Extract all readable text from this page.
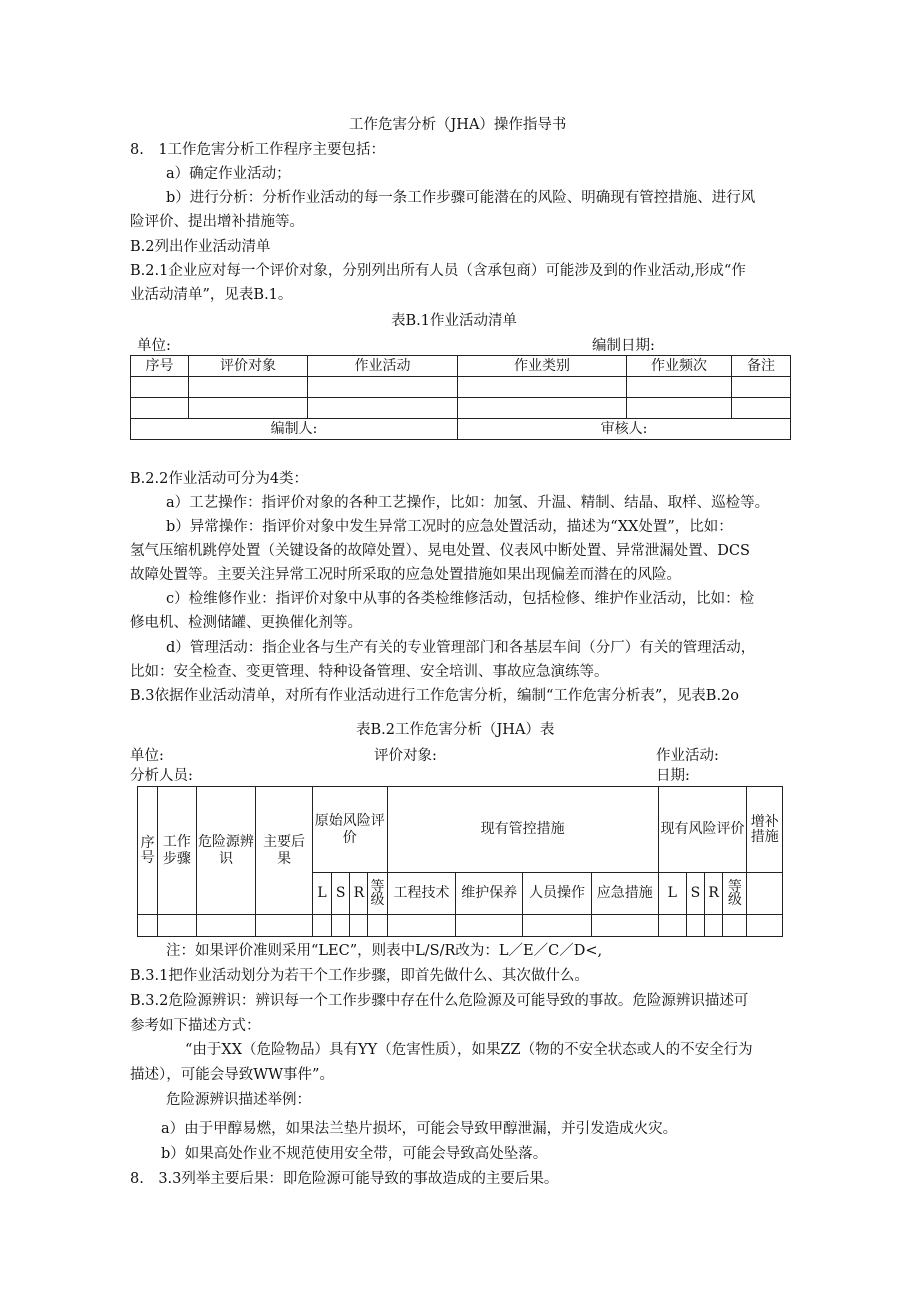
工作危害分析（JHA）操作指导书
8.　1工作危害分析工作程序主要包括：
a）确定作业活动；
b）进行分析：分析作业活动的每一条工作步骤可能潜在的风险、明确现有管控措施、进行风
险评价、提出增补措施等。
B.2列出作业活动清单
B.2.1企业应对每一个评价对象，分别列出所有人员（含承包商）可能涉及到的作业活动,形成“作
业活动清单”，见表B.1。
表B.1作业活动清单
单位:	编制日期:
序号	评价对象	作业活动	作业类别	作业频次	备注

编制人:			审核人:		
B.2.2作业活动可分为4类：
a）工艺操作：指评价对象的各种工艺操作，比如：加氢、升温、精制、结晶、取样、巡检等。
b）异常操作：指评价对象中发生异常工况时的应急处置活动，描述为“XX处置”，比如：
氢气压缩机跳停处置（关键设备的故障处置）、晃电处置、仪表风中断处置、异常泄漏处置、DCS
故障处置等。主要关注异常工况时所采取的应急处置措施如果出现偏差而潜在的风险。
c）检维修作业：指评价对象中从事的各类检维修活动，包括检修、维护作业活动，比如：检
修电机、检测储罐、更换催化剂等。
d）管理活动：指企业各与生产有关的专业管理部门和各基层车间（分厂）有关的管理活动，
比如：安全检查、变更管理、特种设备管理、安全培训、事故应急演练等。
B.3依据作业活动清单，对所有作业活动进行工作危害分析，编制“工作危害分析表”，见表B.2o
表B.2工作危害分析（JHA）表
单位:	评价对象:	作业活动:
分析人员:	日期:
序号	工作步骤	危险源辨识	主要后果	原始风险评价				现有管控措施				现有风险评价				增补措施
				L	S	R	等级	工程技术	维护保养	人员操作	应急措施	L	S	R	等级	

注：如果评价准则采用“LEC”，则表中L/S/R改为：L／E／C／D<,
B.3.1把作业活动划分为若干个工作步骤，即首先做什么、其次做什么。
B.3.2危险源辨识：辨识每一个工作步骤中存在什么危险源及可能导致的事故。危险源辨识描述可
参考如下描述方式：
“由于XX（危险物品）具有YY（危害性质），如果ZZ（物的不安全状态或人的不安全行为
描述），可能会导致WW事件”。
危险源辨识描述举例：
a）由于甲醇易燃，如果法兰垫片损坏，可能会导致甲醇泄漏，并引发造成火灾。
b）如果高处作业不规范使用安全带，可能会导致高处坠落。
8.　3.3列举主要后果：即危险源可能导致的事故造成的主要后果。
